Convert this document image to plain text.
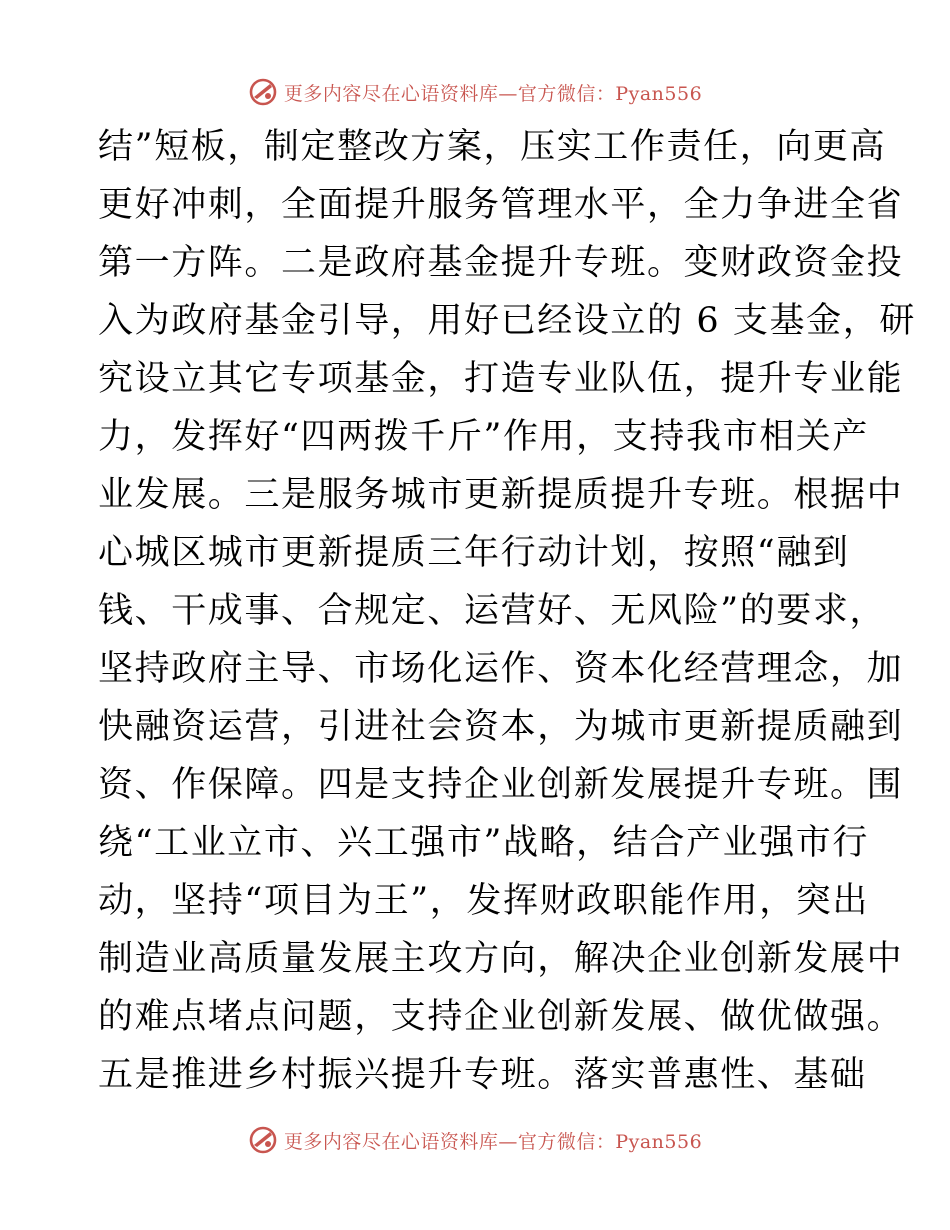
更多内容尽在心语资料库—官方微信：Pyan556
结”短板，制定整改方案，压实工作责任，向更高
更好冲刺，全面提升服务管理水平，全力争进全省
第一方阵。二是政府基金提升专班。变财政资金投
入为政府基金引导，用好已经设立的 6 支基金，研
究设立其它专项基金，打造专业队伍，提升专业能
力，发挥好“四两拨千斤”作用，支持我市相关产
业发展。三是服务城市更新提质提升专班。根据中
心城区城市更新提质三年行动计划，按照“融到
钱、干成事、合规定、运营好、无风险”的要求，
坚持政府主导、市场化运作、资本化经营理念，加
快融资运营，引进社会资本，为城市更新提质融到
资、作保障。四是支持企业创新发展提升专班。围
绕“工业立市、兴工强市”战略，结合产业强市行
动，坚持“项目为王”，发挥财政职能作用，突出
制造业高质量发展主攻方向，解决企业创新发展中
的难点堵点问题，支持企业创新发展、做优做强。
五是推进乡村振兴提升专班。落实普惠性、基础
更多内容尽在心语资料库—官方微信：Pyan556
